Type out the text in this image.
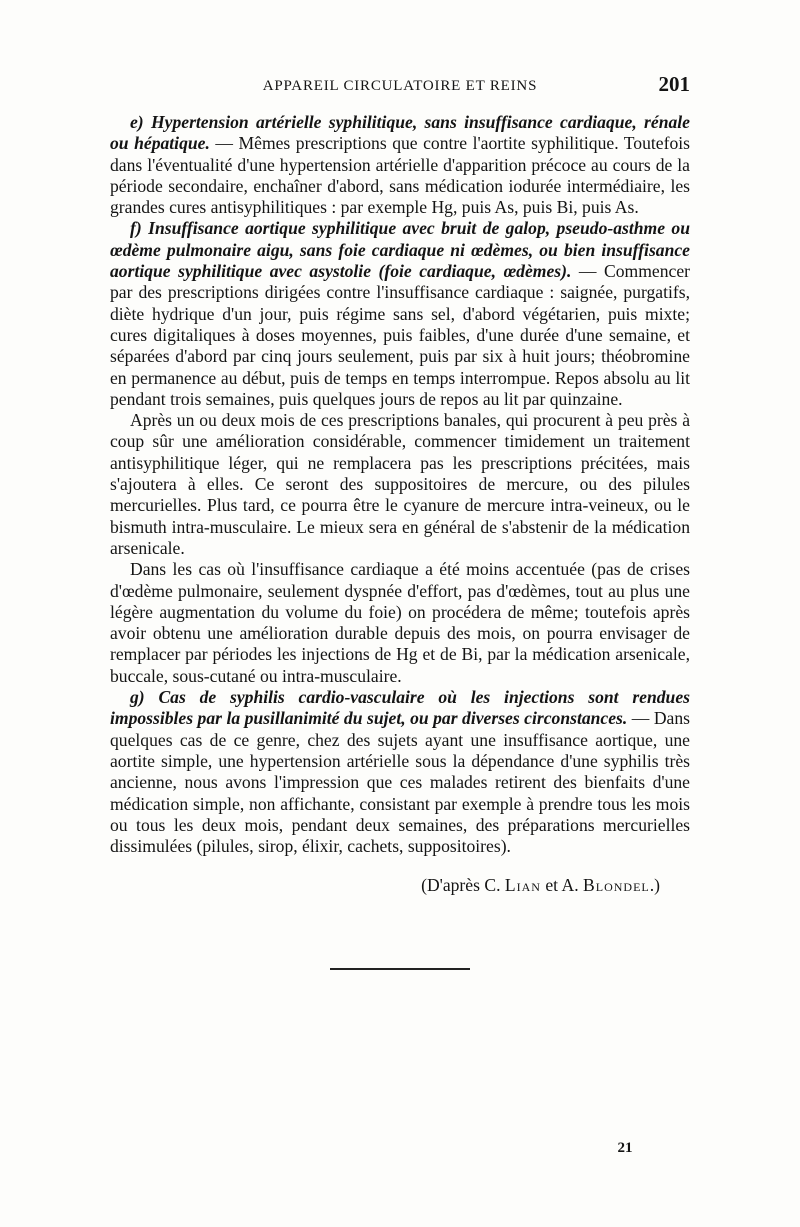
APPAREIL CIRCULATOIRE ET REINS	201

e) Hypertension artérielle syphilitique, sans insuffisance cardiaque, rénale ou hépatique. — Mêmes prescriptions que contre l'aortite syphilitique. Toutefois dans l'éventualité d'une hypertension artérielle d'apparition précoce au cours de la période secondaire, enchaîner d'abord, sans médication iodurée intermédiaire, les grandes cures antisyphilitiques : par exemple Hg, puis As, puis Bi, puis As.

f) Insuffisance aortique syphilitique avec bruit de galop, pseudo-asthme ou œdème pulmonaire aigu, sans foie cardiaque ni œdèmes, ou bien insuffisance aortique syphilitique avec asystolie (foie cardiaque, œdèmes). — Commencer par des prescriptions dirigées contre l'insuffisance cardiaque : saignée, purgatifs, diète hydrique d'un jour, puis régime sans sel, d'abord végétarien, puis mixte; cures digitaliques à doses moyennes, puis faibles, d'une durée d'une semaine, et séparées d'abord par cinq jours seulement, puis par six à huit jours; théobromine en permanence au début, puis de temps en temps interrompue. Repos absolu au lit pendant trois semaines, puis quelques jours de repos au lit par quinzaine.

Après un ou deux mois de ces prescriptions banales, qui procurent à peu près à coup sûr une amélioration considérable, commencer timidement un traitement antisyphilitique léger, qui ne remplacera pas les prescriptions précitées, mais s'ajoutera à elles. Ce seront des suppositoires de mercure, ou des pilules mercurielles. Plus tard, ce pourra être le cyanure de mercure intra-veineux, ou le bismuth intra-musculaire. Le mieux sera en général de s'abstenir de la médication arsenicale.

Dans les cas où l'insuffisance cardiaque a été moins accentuée (pas de crises d'œdème pulmonaire, seulement dyspnée d'effort, pas d'œdèmes, tout au plus une légère augmentation du volume du foie) on procédera de même; toutefois après avoir obtenu une amélioration durable depuis des mois, on pourra envisager de remplacer par périodes les injections de Hg et de Bi, par la médication arsenicale, buccale, sous-cutané ou intra-musculaire.

g) Cas de syphilis cardio-vasculaire où les injections sont rendues impossibles par la pusillanimité du sujet, ou par diverses circonstances. — Dans quelques cas de ce genre, chez des sujets ayant une insuffisance aortique, une aortite simple, une hypertension artérielle sous la dépendance d'une syphilis très ancienne, nous avons l'impression que ces malades retirent des bienfaits d'une médication simple, non affichante, consistant par exemple à prendre tous les mois ou tous les deux mois, pendant deux semaines, des préparations mercurielles dissimulées (pilules, sirop, élixir, cachets, suppositoires).

(D'après C. Lian et A. Blondel.)
21
